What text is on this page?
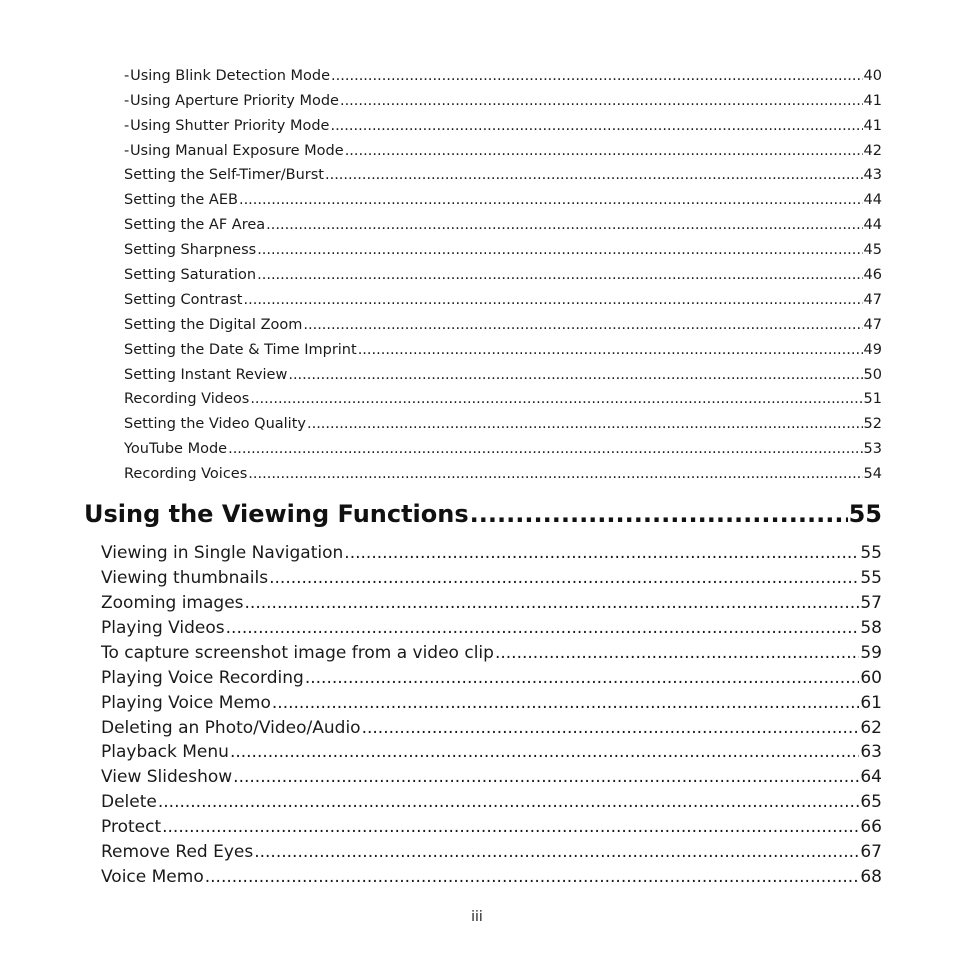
- Using Blink Detection Mode .....	40
- Using Aperture Priority Mode .....	41
- Using Shutter Priority Mode .....	41
- Using Manual Exposure Mode .....	42
Setting the Self-Timer/Burst .....	43
Setting the AEB .....	44
Setting the AF Area .....	44
Setting Sharpness .....	45
Setting Saturation .....	46
Setting Contrast .....	47
Setting the Digital Zoom .....	47
Setting the Date & Time Imprint .....	49
Setting Instant Review .....	50
Recording Videos .....	51
Setting the Video Quality .....	52
YouTube Mode .....	53
Recording Voices .....	54
Using the Viewing Functions .....	55
Viewing in Single Navigation .....	55
Viewing thumbnails .....	55
Zooming images .....	57
Playing Videos .....	58
To capture screenshot image from a video clip .....	59
Playing Voice Recording .....	60
Playing Voice Memo .....	61
Deleting an Photo/Video/Audio .....	62
Playback Menu .....	63
View Slideshow .....	64
Delete .....	65
Protect .....	66
Remove Red Eyes .....	67
Voice Memo .....	68
iii
